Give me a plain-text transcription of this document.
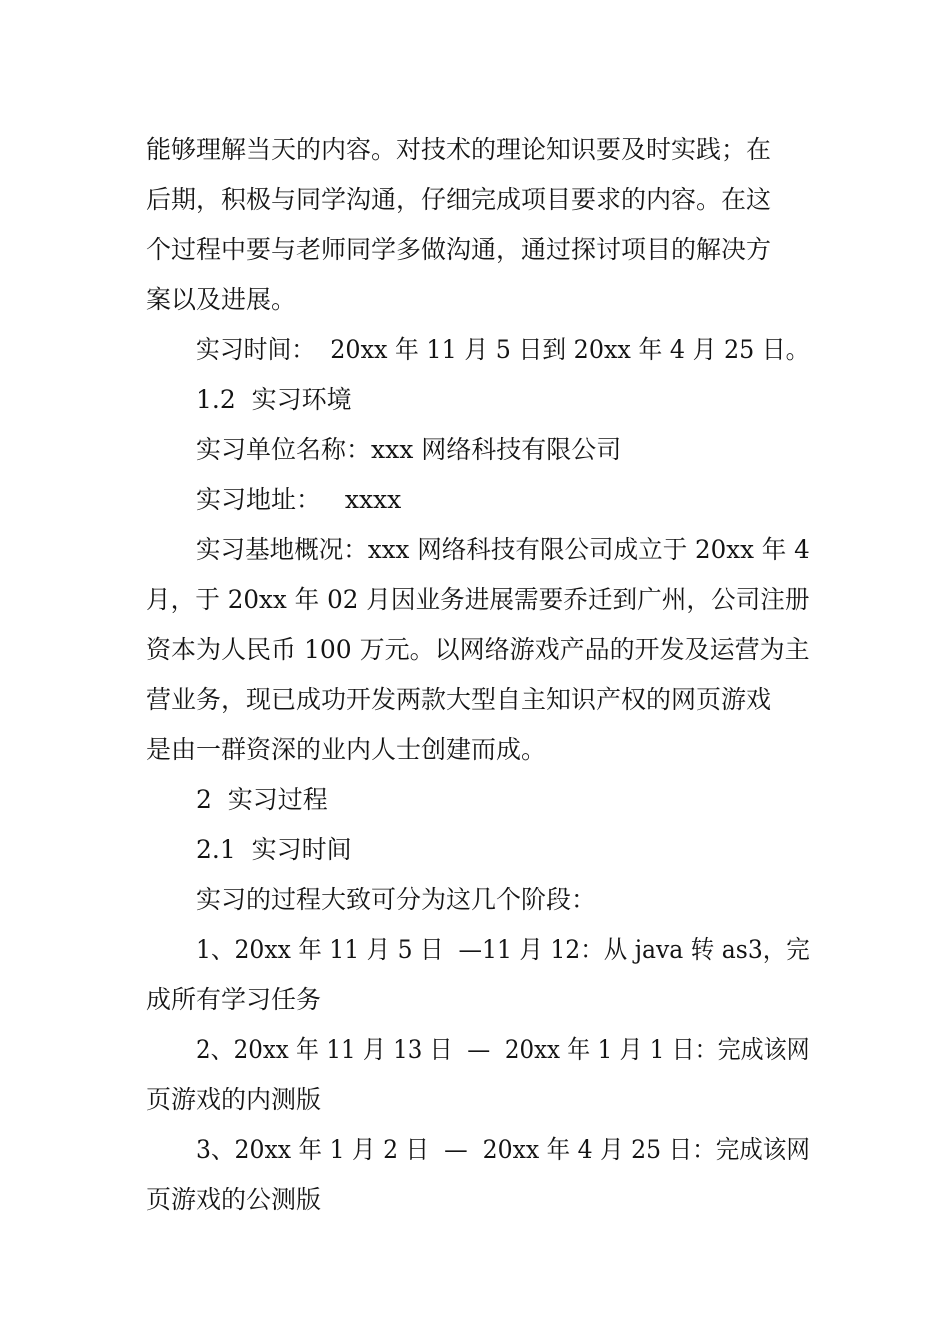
能够理解当天的内容。对技术的理论知识要及时实践；在
后期，积极与同学沟通，仔细完成项目要求的内容。在这
个过程中要与老师同学多做沟通，通过探讨项目的解决方
案以及进展。
实习时间：  20xx 年 11 月 5 日到 20xx 年 4 月 25 日。
1.2  实习环境
实习单位名称：xxx 网络科技有限公司
实习地址：   xxxx
实习基地概况：xxx 网络科技有限公司成立于 20xx 年 4
月，于 20xx 年 02 月因业务进展需要乔迁到广州，公司注册
资本为人民币 100 万元。以网络游戏产品的开发及运营为主
营业务，现已成功开发两款大型自主知识产权的网页游戏
是由一群资深的业内人士创建而成。
2  实习过程
2.1  实习时间
实习的过程大致可分为这几个阶段：
1、20xx 年 11 月 5 日  —11 月 12：从 java 转 as3，完
成所有学习任务
2、20xx 年 11 月 13 日  —  20xx 年 1 月 1 日：完成该网
页游戏的内测版
3、20xx 年 1 月 2 日  —  20xx 年 4 月 25 日：完成该网
页游戏的公测版
